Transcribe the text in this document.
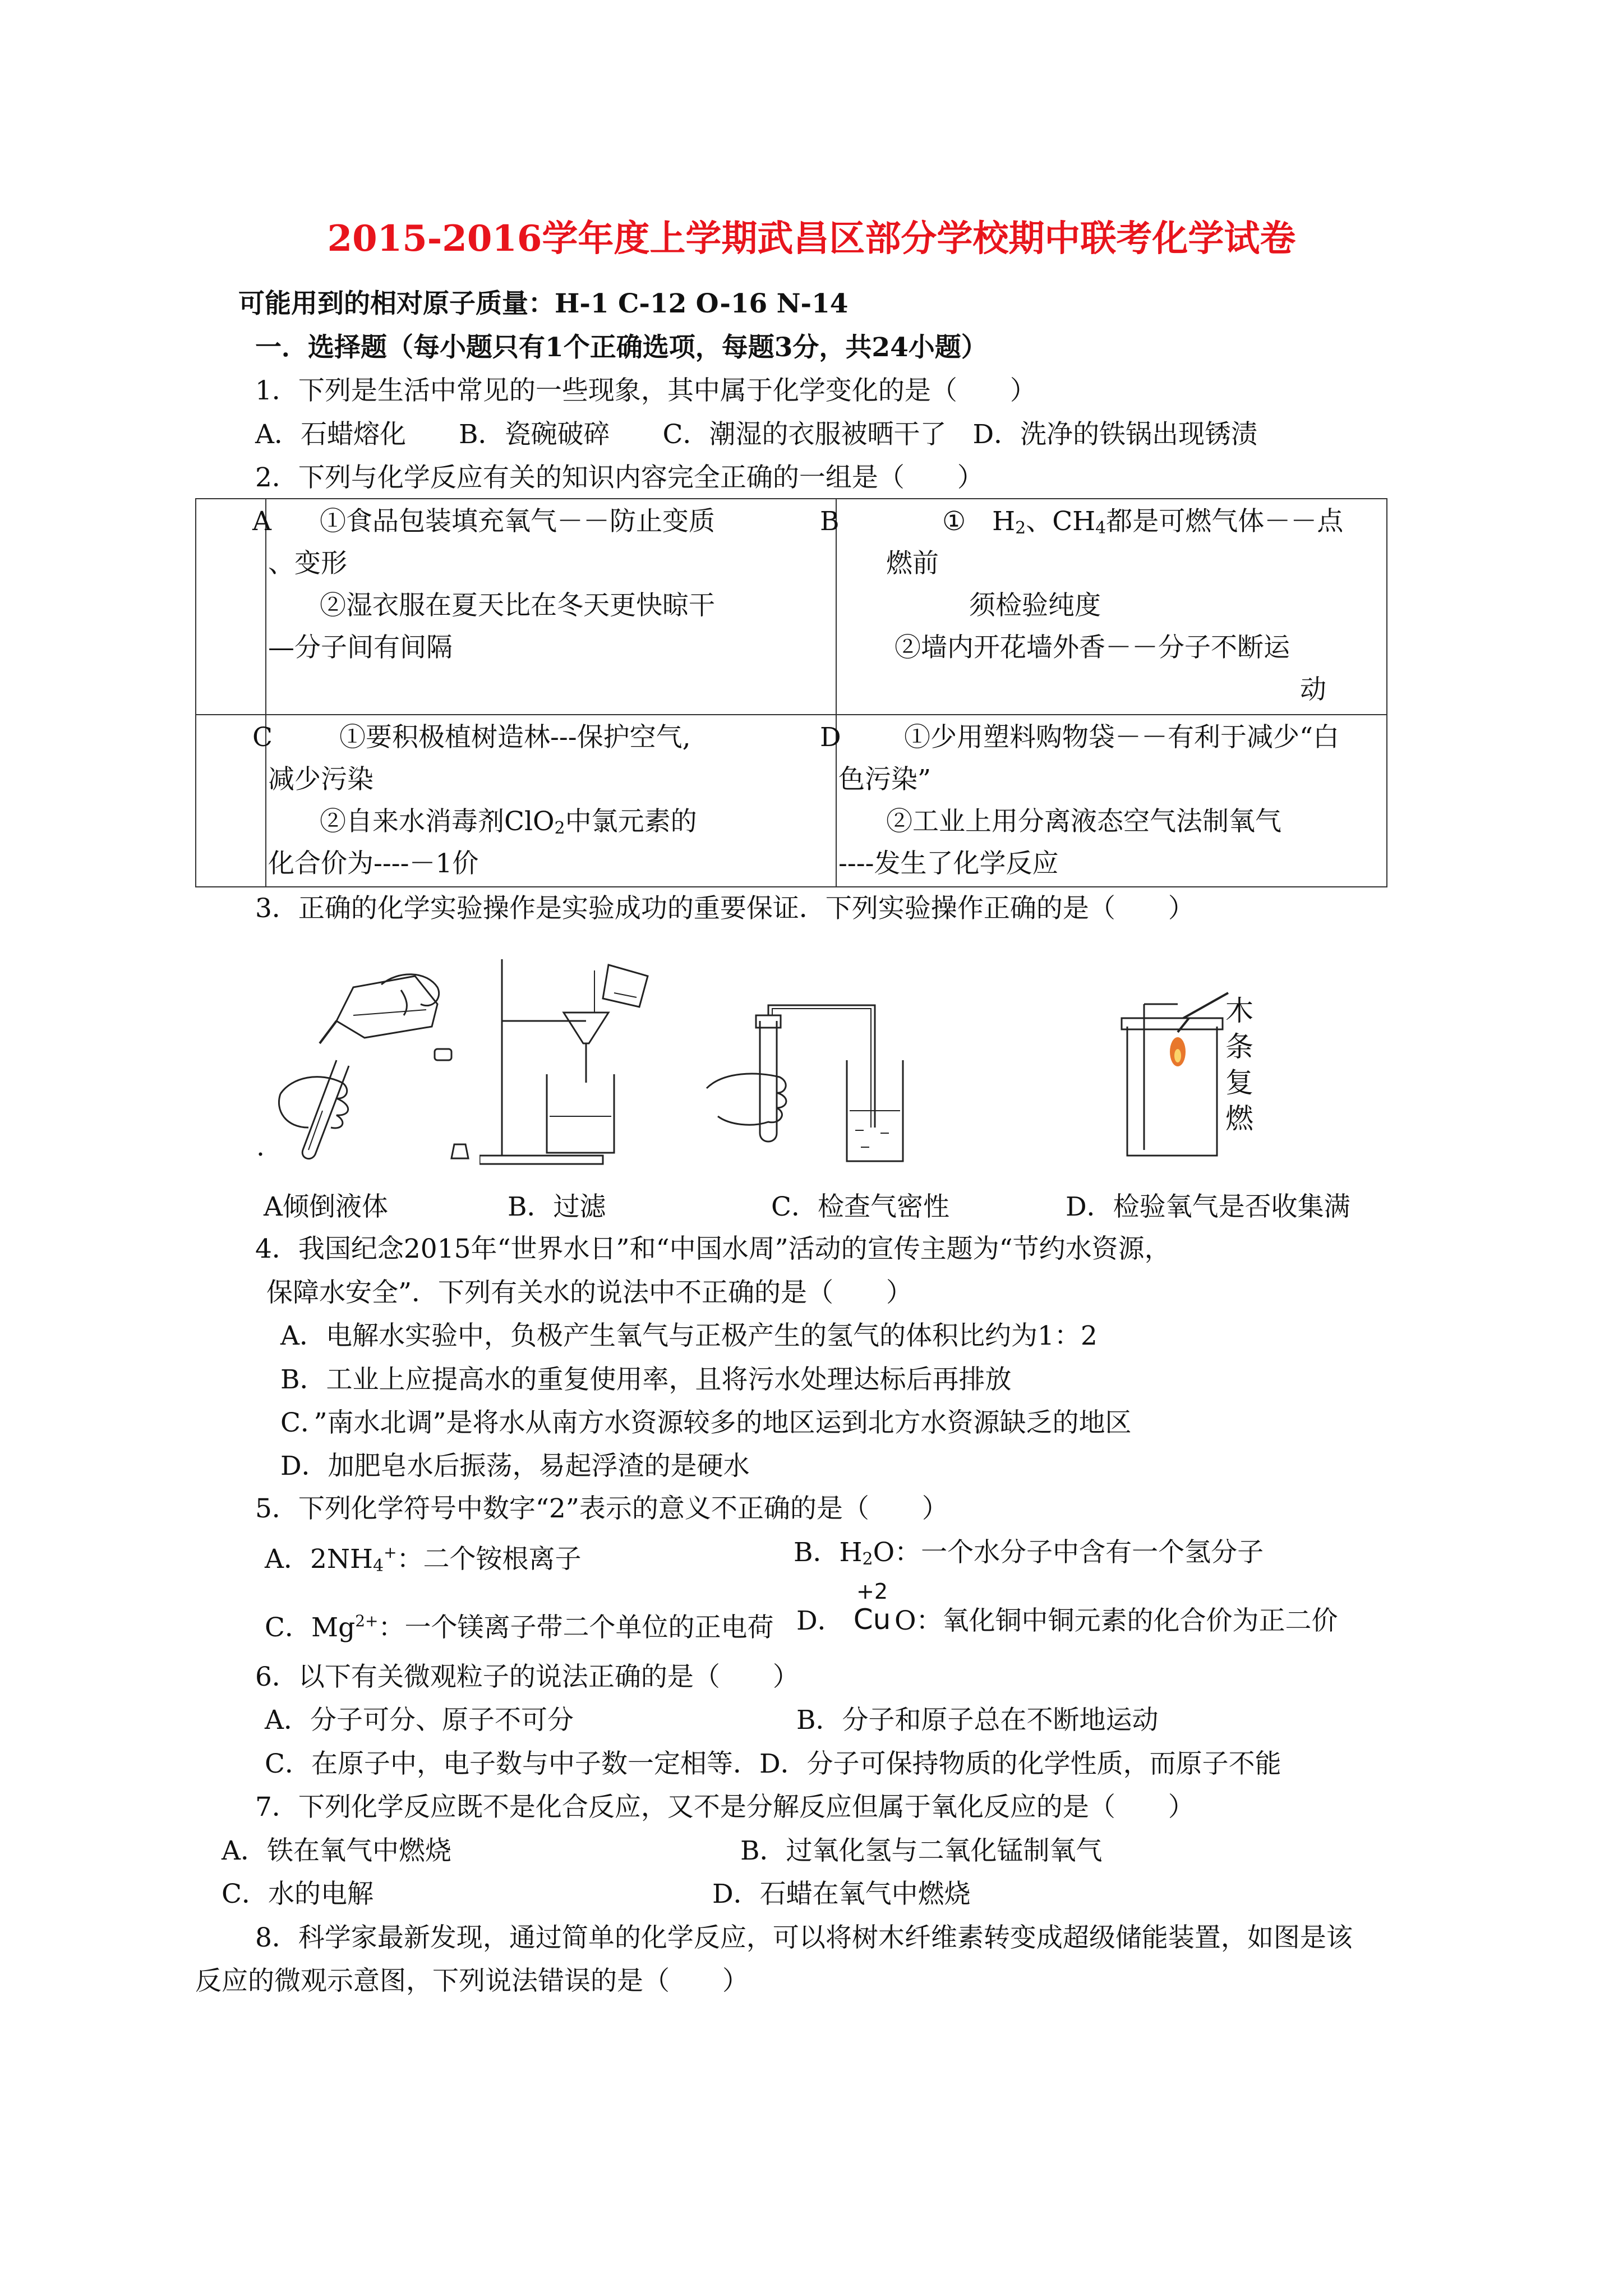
2015-2016学年度上学期武昌区部分学校期中联考化学试卷
可能用到的相对原子质量：H-1 C-12 O-16 N-14
一．选择题（每小题只有1个正确选项，每题3分，共24小题）
1．下列是生活中常见的一些现象，其中属于化学变化的是（　　）
A．石蜡熔化　　B．瓷碗破碎　　C．潮湿的衣服被晒干了　D．洗净的铁锅出现锈渍
2．下列与化学反应有关的知识内容完全正确的一组是（　　）
A ①食品包装填充氧气－－防止变质
、变形
②湿衣服在夏天比在冬天更快晾干
—分子间有间隔
B	①　$H_2$、$CH_4$都是可燃气体－－点
燃前
须检验纯度
②墙内开花墙外香－－分子不断运
动
C	①要积极植树造林---保护空气,
减少污染
②自来水消毒剂ClO$_2$中氯元素的
化合价为----－1价
D ①少用塑料购物袋－－有利于减少“白
色污染”
②工业上用分离液态空气法制氧气
----发生了化学反应
3．正确的化学实验操作是实验成功的重要保证．下列实验操作正确的是（　　）
.
木
条
复
燃
A倾倒液体	B．过滤	C．检查气密性	D．检验氧气是否收集满
4．我国纪念2015年“世界水日”和“中国水周”活动的宣传主题为“节约水资源，
保障水安全”．下列有关水的说法中不正确的是（　　）
A．电解水实验中，负极产生氧气与正极产生的氢气的体积比约为1：2
B．工业上应提高水的重复使用率，且将污水处理达标后再排放
C．”南水北调”是将水从南方水资源较多的地区运到北方水资源缺乏的地区
D．加肥皂水后振荡，易起浮渣的是硬水
5．下列化学符号中数字“2”表示的意义不正确的是（　　）
A．$2NH_4^+$：二个铵根离子	B．$H_2O$：一个水分子中含有一个氢分子
C．$Mg^{2+}$：一个镁离子带二个单位的正电荷 D．
+2
Cu O：氧化铜中铜元素的化合价为正二价
6．以下有关微观粒子的说法正确的是（　　）
A．分子可分、原子不可分	B．分子和原子总在不断地运动
C．在原子中，电子数与中子数一定相等．D．分子可保持物质的化学性质，而原子不能
7．下列化学反应既不是化合反应，又不是分解反应但属于氧化反应的是（　　）
A．铁在氧气中燃烧	B．过氧化氢与二氧化锰制氧气
C．水的电解	D．石蜡在氧气中燃烧
8．科学家最新发现，通过简单的化学反应，可以将树木纤维素转变成超级储能装置，如图是该
反应的微观示意图，下列说法错误的是（　　）
